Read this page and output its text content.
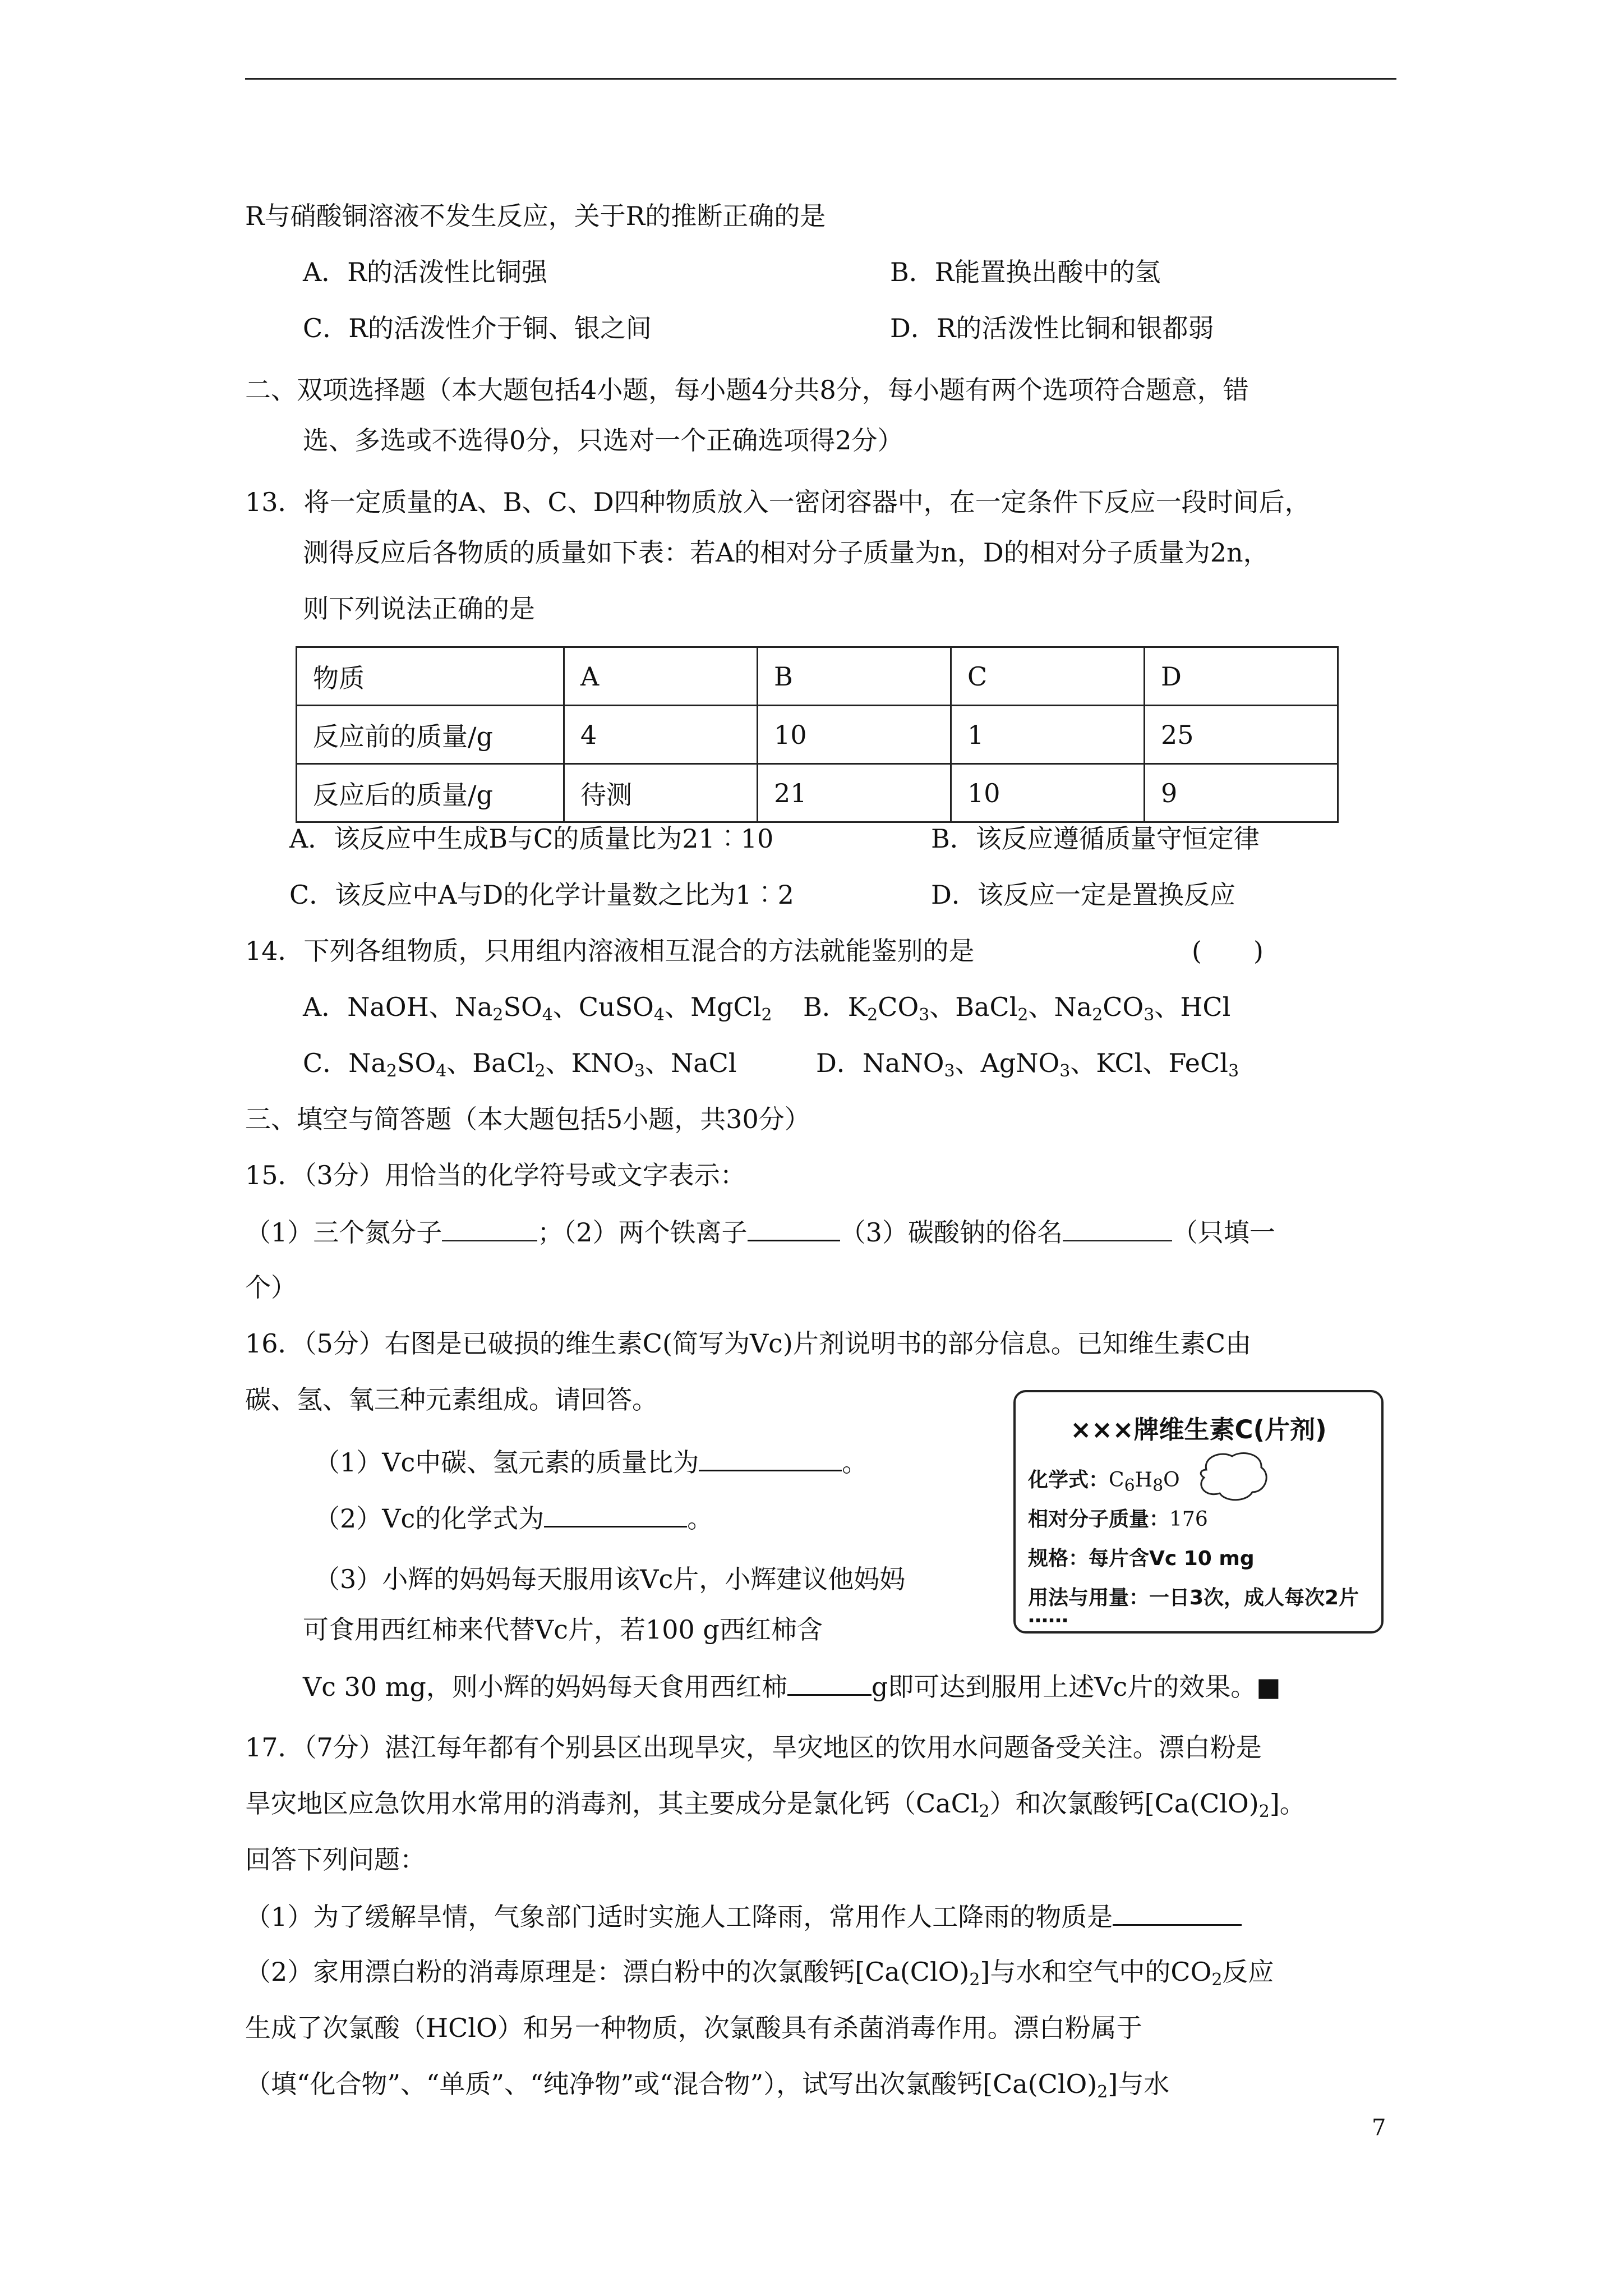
R与硝酸铜溶液不发生反应，关于R的推断正确的是
A．R的活泼性比铜强	B．R能置换出酸中的氢
C．R的活泼性介于铜、银之间	D．R的活泼性比铜和银都弱
二、双项选择题（本大题包括4小题，每小题4分共8分，每小题有两个选项符合题意，错
选、多选或不选得0分，只选对一个正确选项得2分）
13．将一定质量的A、B、C、D四种物质放入一密闭容器中，在一定条件下反应一段时间后，
测得反应后各物质的质量如下表：若A的相对分子质量为n，D的相对分子质量为2n，
则下列说法正确的是
物质	A	B	C	D
反应前的质量/g	4	10	1	25
反应后的质量/g	待测	21	10	9
A．该反应中生成B与C的质量比为21︰10	B．该反应遵循质量守恒定律
C．该反应中A与D的化学计量数之比为1︰2	D．该反应一定是置换反应
14．下列各组物质，只用组内溶液相互混合的方法就能鉴别的是	(　　)
A．NaOH、$Na_2SO_4$、CuSO$_4$、MgCl$_2$ B．$K_2CO_3$、BaCl$_2$、$Na_2CO_3$、HCl
C．$Na_2SO_4$、BaCl$_2$、$KNO_3$、NaCl	D．NaNO$_3$、AgNO$_3$、KCl、FeCl$_3$
三、填空与简答题（本大题包括5小题，共30分）
15．（3分）用恰当的化学符号或文字表示：
（1）三个氮分子	；（2）两个铁离子	（3）碳酸钠的俗名	（只填一
个）
16．（5分）右图是已破损的维生素C(简写为Vc)片剂说明书的部分信息。已知维生素C由
碳、氢、氧三种元素组成。请回答。
（1）Vc中碳、氢元素的质量比为	。
（2）Vc的化学式为	。
（3）小辉的妈妈每天服用该Vc片，小辉建议他妈妈
可食用西红柿来代替Vc片，若100 g西红柿含
Vc 30 mg，则小辉的妈妈每天食用西红柿	g即可达到服用上述Vc片的效果。■
×××牌维生素C(片剂)
化学式：$C_6H_8O$
相对分子质量：176
规格：每片含Vc 10 mg
用法与用量：一日3次，成人每次2片
……
17．（7分）湛江每年都有个别县区出现旱灾，旱灾地区的饮用水问题备受关注。漂白粉是
旱灾地区应急饮用水常用的消毒剂，其主要成分是氯化钙（CaCl$_2$）和次氯酸钙$[Ca(ClO)_2]$。
回答下列问题：
（1）为了缓解旱情，气象部门适时实施人工降雨，常用作人工降雨的物质是
（2）家用漂白粉的消毒原理是：漂白粉中的次氯酸钙$[Ca(ClO)_2]$与水和空气中的$CO_2$反应
生成了次氯酸（HClO）和另一种物质，次氯酸具有杀菌消毒作用。漂白粉属于
（填“化合物”、“单质”、“纯净物”或“混合物”），试写出次氯酸钙$[Ca(ClO)_2]$与水
7
